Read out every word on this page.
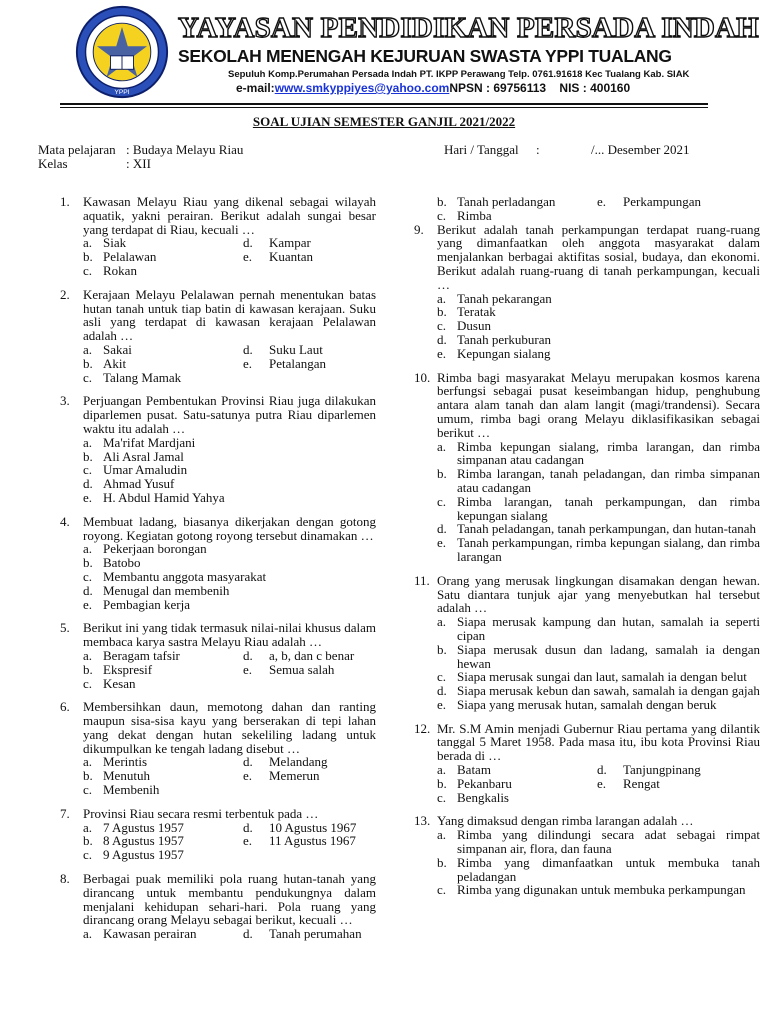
YPPI
YAYASAN PENDIDIKAN PERSADA INDAH
SEKOLAH MENENGAH KEJURUAN SWASTA YPPI TUALANG
Sepuluh Komp.Perumahan Persada Indah PT. IKPP Perawang Telp. 0761.91618 Kec Tualang Kab. SIAK
e-mail:www.smkyppiyes@yahoo.comNPSN : 69756113 NIS : 400160
SOAL UJIAN SEMESTER GANJIL 2021/2022
Mata pelajaran : Budaya Melayu Riau
Kelas	: XII
Hari / Tanggal :	/... Desember 2021
1. Kawasan Melayu Riau yang dikenal sebagai wilayah aquatik, yakni perairan. Berikut adalah sungai besar yang terdapat di Riau, kecuali …
a. Siak	d.	Kampar
b. Pelalawan	e.	Kuantan
c. Rokan
2. Kerajaan Melayu Pelalawan pernah menentukan batas hutan tanah untuk tiap batin di kawasan kerajaan. Suku asli yang terdapat di kawasan kerajaan Pelalawan adalah …
a. Sakai	d.	Suku Laut
b. Akit	e.	Petalangan
c. Talang Mamak
3. Perjuangan Pembentukan Provinsi Riau juga dilakukan diparlemen pusat. Satu-satunya putra Riau diparlemen waktu itu adalah …
a. Ma'rifat Mardjani
b. Ali Asral Jamal
c. Umar Amaludin
d. Ahmad Yusuf
e. H. Abdul Hamid Yahya
4. Membuat ladang, biasanya dikerjakan dengan gotong royong. Kegiatan gotong royong tersebut dinamakan …
a. Pekerjaan borongan
b. Batobo
c. Membantu anggota masyarakat
d. Menugal dan membenih
e. Pembagian kerja
5. Berikut ini yang tidak termasuk nilai-nilai khusus dalam membaca karya sastra Melayu Riau adalah …
a. Beragam tafsir	d.	a, b, dan c benar
b. Ekspresif	e.	Semua salah
c. Kesan
6. Membersihkan daun, memotong dahan dan ranting maupun sisa-sisa kayu yang berserakan di tepi lahan yang dekat dengan hutan sekeliling ladang untuk dikumpulkan ke tengah ladang disebut …
a. Merintis	d.	Melandang
b. Menutuh	e.	Memerun
c. Membenih
7. Provinsi Riau secara resmi terbentuk pada …
a. 7 Agustus 1957	d.	10 Agustus 1967
b. 8 Agustus 1957	e.	11 Agustus 1967
c. 9 Agustus 1957
8. Berbagai puak memiliki pola ruang hutan-tanah yang dirancang untuk membantu pendukungnya dalam menjalani kehidupan sehari-hari. Pola ruang yang dirancang orang Melayu sebagai berikut, kecuali …
a. Kawasan perairan	d.	Tanah perumahan
b. Tanah perladangan	e.	Perkampungan
c. Rimba
9. Berikut adalah tanah perkampungan terdapat ruang-ruang yang dimanfaatkan oleh anggota masyarakat dalam menjalankan berbagai aktifitas sosial, budaya, dan ekonomi. Berikut adalah ruang-ruang di tanah perkampungan, kecuali …
a. Tanah pekarangan
b. Teratak
c. Dusun
d. Tanah perkuburan
e. Kepungan sialang
10. Rimba bagi masyarakat Melayu merupakan kosmos karena berfungsi sebagai pusat keseimbangan hidup, penghubung antara alam tanah dan alam langit (magi/trandensi). Secara umum, rimba bagi orang Melayu diklasifikasikan sebagai berikut …
a. Rimba kepungan sialang, rimba larangan, dan rimba simpanan atau cadangan
b. Rimba larangan, tanah peladangan, dan rimba simpanan atau cadangan
c. Rimba larangan, tanah perkampungan, dan rimba kepungan sialang
d. Tanah peladangan, tanah perkampungan, dan hutan-tanah
e. Tanah perkampungan, rimba kepungan sialang, dan rimba larangan
11. Orang yang merusak lingkungan disamakan dengan hewan. Satu diantara tunjuk ajar yang menyebutkan hal tersebut adalah …
a. Siapa merusak kampung dan hutan, samalah ia seperti cipan
b. Siapa merusak dusun dan ladang, samalah ia dengan hewan
c. Siapa merusak sungai dan laut, samalah ia dengan belut
d. Siapa merusak kebun dan sawah, samalah ia dengan gajah
e. Siapa yang merusak hutan, samalah dengan beruk
12. Mr. S.M Amin menjadi Gubernur Riau pertama yang dilantik tanggal 5 Maret 1958. Pada masa itu, ibu kota Provinsi Riau berada di …
a. Batam	d.	Tanjungpinang
b. Pekanbaru	e.	Rengat
c. Bengkalis
13. Yang dimaksud dengan rimba larangan adalah …
a. Rimba yang dilindungi secara adat sebagai rimpat simpanan air, flora, dan fauna
b. Rimba yang dimanfaatkan untuk membuka tanah peladangan
c. Rimba yang digunakan untuk membuka perkampungan
